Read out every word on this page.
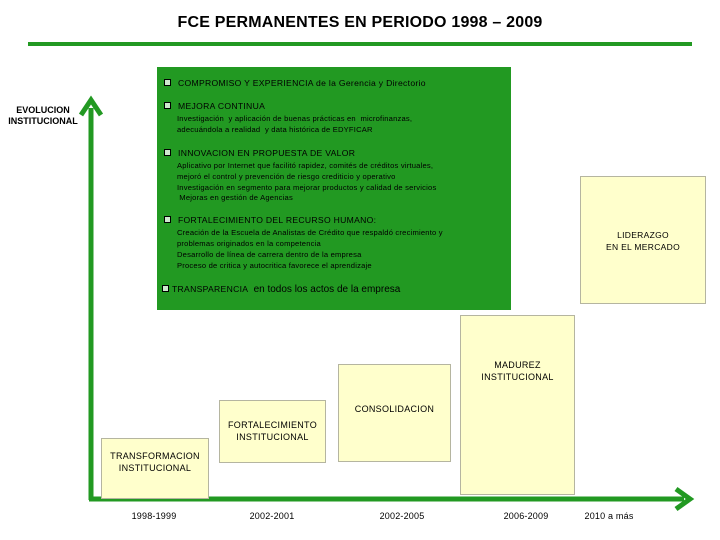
FCE PERMANENTES EN PERIODO 1998 – 2009
EVOLUCION
INSTITUCIONAL
COMPROMISO Y EXPERIENCIA de la Gerencia y Directorio
MEJORA CONTINUA
Investigación  y aplicación de buenas prácticas en  microfinanzas,
adecuándola a realidad  y data histórica de EDYFICAR
INNOVACION EN PROPUESTA DE VALOR
Aplicativo por Internet que facilitó rapidez, comités de créditos virtuales,
mejoró el control y prevención de riesgo crediticio y operativo
Investigación en segmento para mejorar productos y calidad de servicios
Mejoras en gestión de Agencias
FORTALECIMIENTO DEL RECURSO HUMANO:
Creación de la Escuela de Analistas de Crédito que respaldó crecimiento y
problemas originados en la competencia
Desarrollo de línea de carrera dentro de la empresa
Proceso de critica y autocritica favorece el aprendizaje
TRANSPARENCIA en todos los actos de la empresa
TRANSFORMACION
INSTITUCIONAL
FORTALECIMIENTO
INSTITUCIONAL
CONSOLIDACION
MADUREZ
INSTITUCIONAL
LIDERAZGO
EN EL MERCADO
1998-1999	2002-2001	2002-2005	2006-2009	2010 a más
